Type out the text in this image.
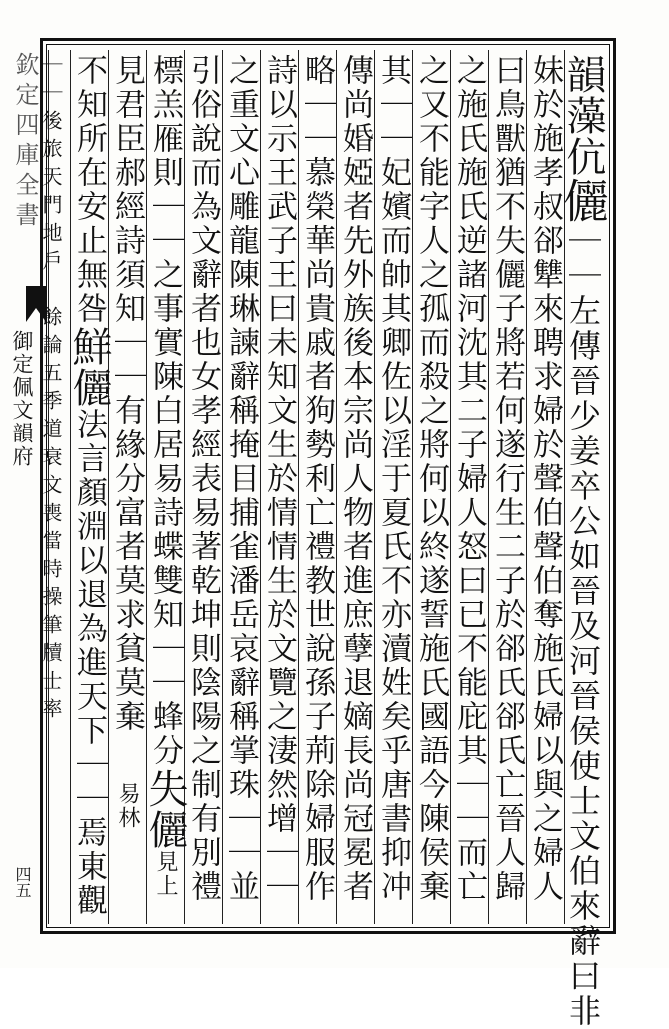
欽定四庫全書
御定佩文韻府
四五
韻藻伉儷｜｜左傳晉少姜卒公如晉及河晉侯使士文伯來辭曰非
妹於施孝叔郤犨來聘求婦於聲伯聲伯奪施氏婦以與之婦人
曰鳥獸猶不失儷子將若何遂行生二子於郤氏郤氏亡晉人歸
之施氏施氏逆諸河沈其二子婦人怒曰已不能庇其｜｜而亡
之又不能字人之孤而殺之將何以終遂誓施氏國語今陳侯棄
其｜｜妃嬪而帥其卿佐以淫于夏氏不亦瀆姓矣乎唐書抑冲
傳尚婚婭者先外族後本宗尚人物者進庶孽退嫡長尚冠冕者
略｜｜慕榮華尚貴戚者狗勢利亡禮教世說孫子荊除婦服作
詩以示王武子王曰未知文生於情情生於文覽之淒然增｜｜
之重文心雕龍陳琳諫辭稱掩目捕雀潘岳哀辭稱掌珠｜｜並
引俗說而為文辭者也女孝經表易著乾坤則陰陽之制有別禮
標羔雁則｜｜之事實陳白居易詩蝶雙知｜｜蜂分失儷見上
見君臣郝經詩須知｜｜有緣分富者莫求貧莫棄　　易林
不知所在安止無咎鮮儷法言顏淵以退為進天下｜｜焉東觀
｜｜後旅天門地戶　餘論五季道衰文喪當時操筆牘士率
